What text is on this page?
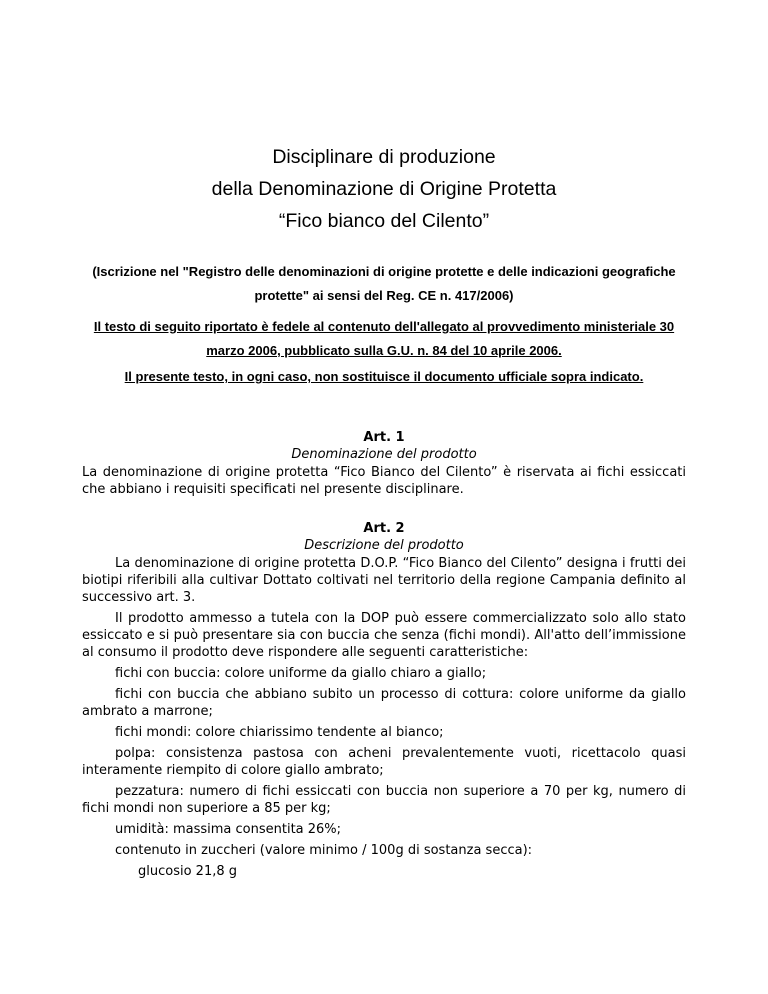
Disciplinare di produzione
della Denominazione di Origine Protetta
“Fico bianco del Cilento”

(Iscrizione nel "Registro delle denominazioni di origine protette e delle indicazioni geografiche
protette" ai sensi del Reg. CE n. 417/2006)

Il testo di seguito riportato è fedele al contenuto dell'allegato al provvedimento ministeriale 30
marzo 2006, pubblicato sulla G.U. n. 84 del 10 aprile 2006.

Il presente testo, in ogni caso, non sostituisce il documento ufficiale sopra indicato.

Art. 1
Denominazione del prodotto

La denominazione di origine protetta “Fico Bianco del Cilento” è riservata ai fichi essiccati che abbiano i requisiti specificati nel presente disciplinare.

Art. 2
Descrizione del prodotto

La denominazione di origine protetta D.O.P. “Fico Bianco del Cilento” designa i frutti dei biotipi riferibili alla cultivar Dottato coltivati nel territorio della regione Campania definito al successivo art. 3.

Il prodotto ammesso a tutela con la DOP può essere commercializzato solo allo stato essiccato e si può presentare sia con buccia che senza (fichi mondi). All'atto dell’immissione al consumo il prodotto deve rispondere alle seguenti caratteristiche:

fichi con buccia: colore uniforme da giallo chiaro a giallo;

fichi con buccia che abbiano subito un processo di cottura: colore uniforme da giallo ambrato a marrone;

fichi mondi: colore chiarissimo tendente al bianco;

polpa: consistenza pastosa con acheni prevalentemente vuoti, ricettacolo quasi interamente riempito di colore giallo ambrato;

pezzatura: numero di fichi essiccati con buccia non superiore a 70 per kg, numero di fichi mondi non superiore a 85 per kg;

umidità: massima consentita 26%;

contenuto in zuccheri (valore minimo / 100g di sostanza secca):

glucosio 21,8 g
